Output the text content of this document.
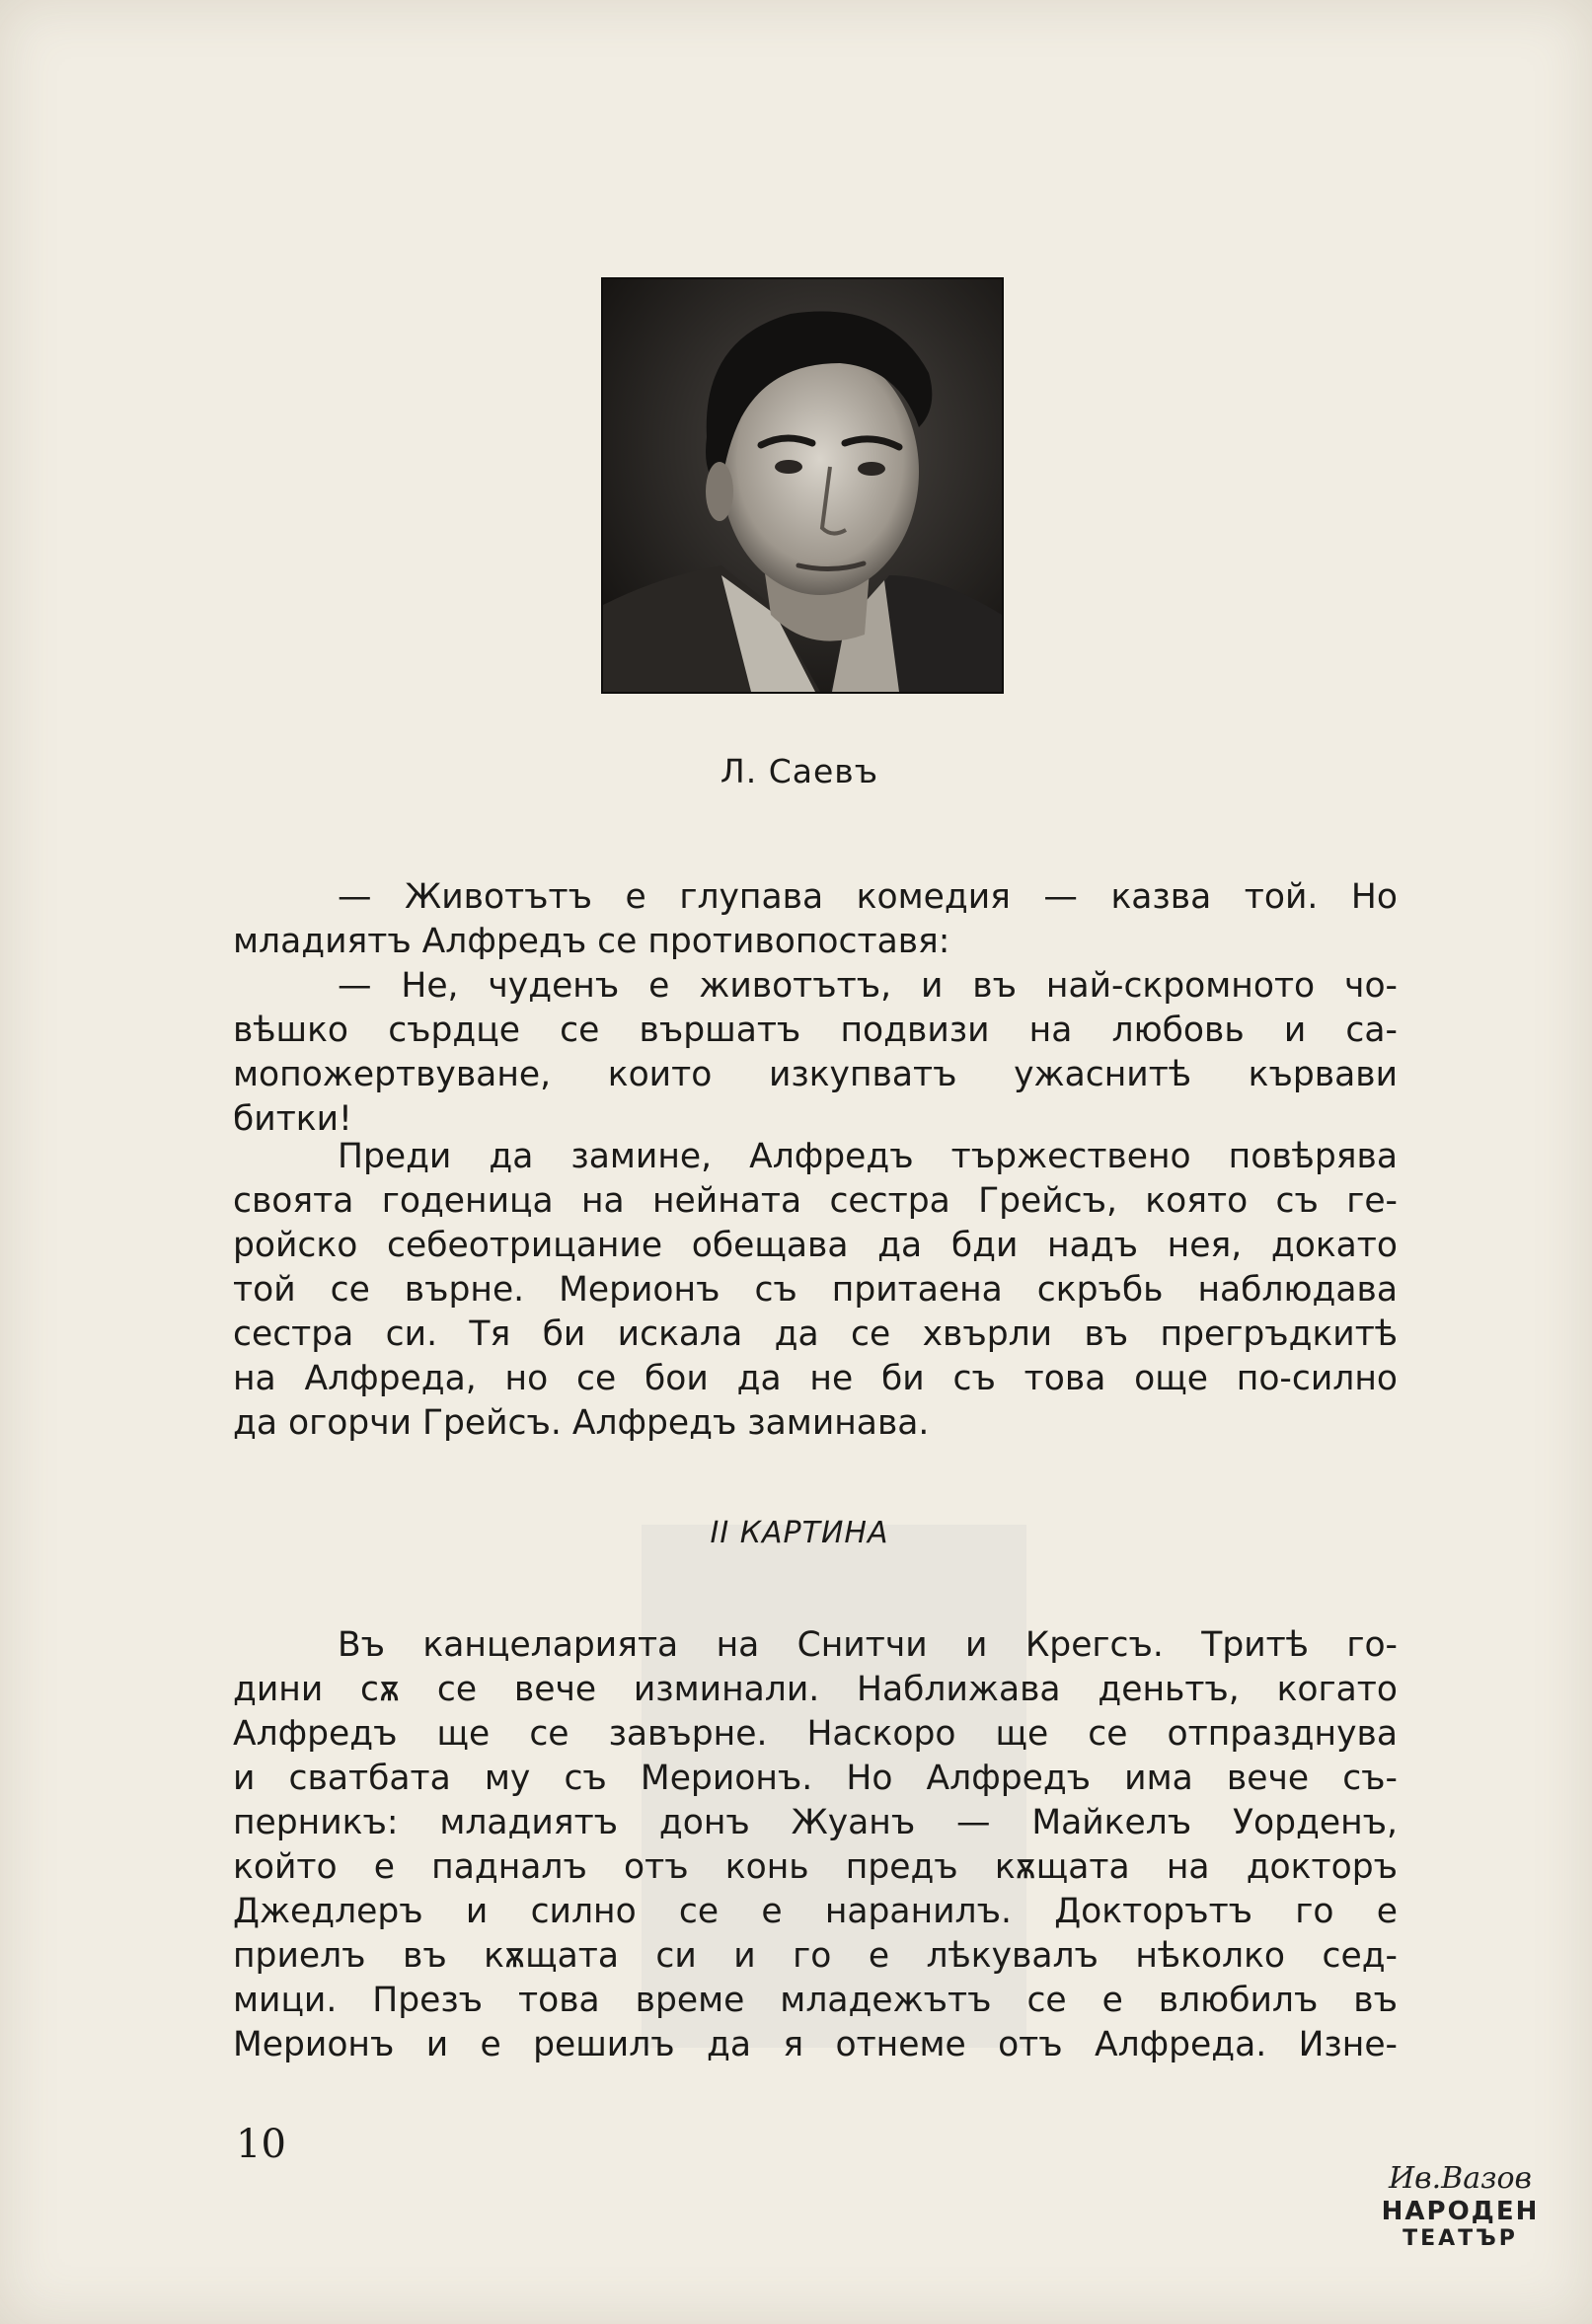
Л. Саевъ
— Животътъ е глупава комедия — казва той. Но
младиятъ Алфредъ се противопоставя:
— Не, чуденъ е животътъ, и въ най-скромното чо-
вѣшко сърдце се вършатъ подвизи на любовь и са-
мопожертвуване, които изкупватъ ужаснитѣ кървави
битки!
Преди да замине, Алфредъ тържествено повѣрява
своята годеница на нейната сестра Грейсъ, която съ ге-
ройско себеотрицание обещава да бди надъ нея, докато
той се върне. Мерионъ съ притаена скръбь наблюдава
сестра си. Тя би искала да се хвърли въ прегръдкитѣ
на Алфреда, но се бои да не би съ това още по-силно
да огорчи Грейсъ. Алфредъ заминава.
II КАРТИНА
Въ канцеларията на Снитчи и Крегсъ. Тритѣ го-
дини сѫ се вече изминали. Наближава деньтъ, когато
Алфредъ ще се завърне. Наскоро ще се отпразднува
и сватбата му съ Мерионъ. Но Алфредъ има вече съ-
перникъ: младиятъ донъ Жуанъ — Майкелъ Уорденъ,
който е падналъ отъ конь предъ кѫщата на докторъ
Джедлеръ и силно се е наранилъ. Докторътъ го е
приелъ въ кѫщата си и го е лѣкувалъ нѣколко сед-
мици. Презъ това време младежътъ се е влюбилъ въ
Мерионъ и е решилъ да я отнеме отъ Алфреда. Изне-
10
Ив.Вазов
НАРОДЕН
ТЕАТЪР
